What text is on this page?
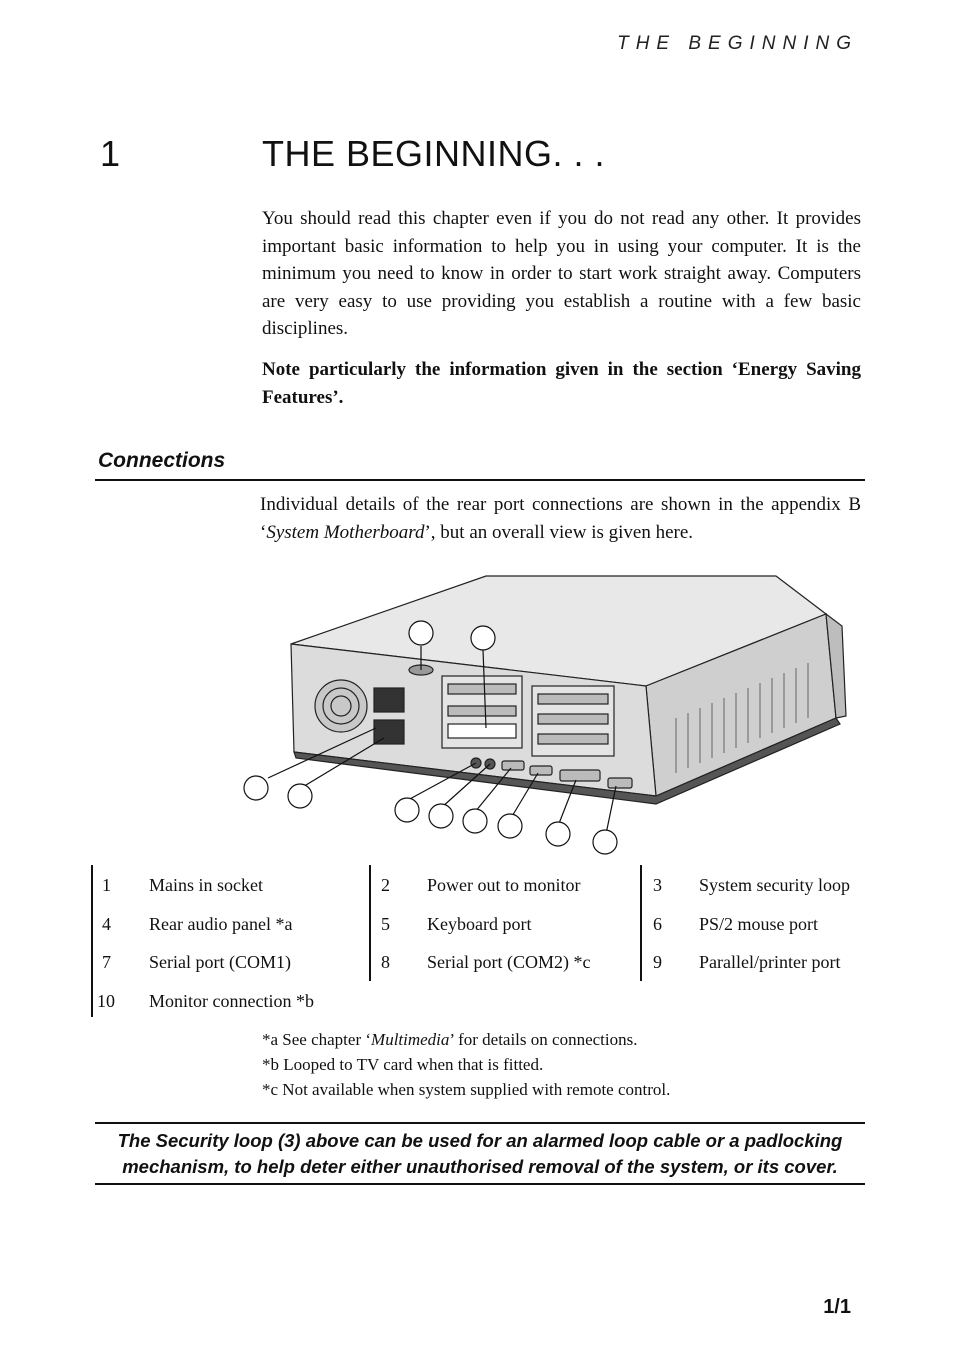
THE BEGINNING
1	THE BEGINNING. . .
You should read this chapter even if you do not read any other. It provides important basic information to help you in using your computer. It is the minimum you need to know in order to start work straight away. Computers are very easy to use providing you establish a routine with a few basic disciplines.
Note particularly the information given in the section ‘Energy Saving Features’.
Connections
Individual details of the rear port connections are shown in the appendix B ‘System Motherboard’, but an overall view is given here.
1 Mains in socket	2 Power out to monitor	3 System security loop
4 Rear audio panel *a	5 Keyboard port	6 PS/2 mouse port
7 Serial port (COM1)	8 Serial port (COM2) *c	9 Parallel/printer port
10 Monitor connection *b
*a See chapter ‘Multimedia’ for details on connections.
*b Looped to TV card when that is fitted.
*c Not available when system supplied with remote control.
The Security loop (3) above can be used for an alarmed loop cable or a padlocking mechanism, to help deter either unauthorised removal of the system, or its cover.
1/1
